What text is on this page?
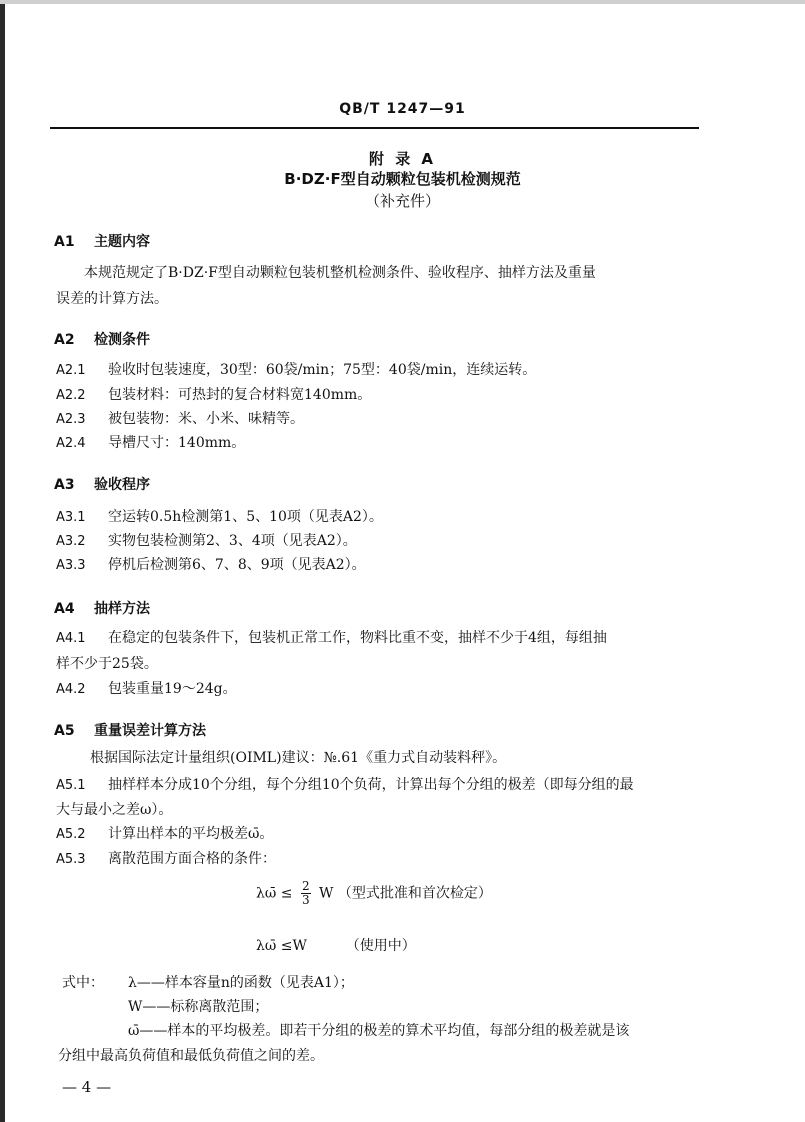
QB/T 1247—91
附 录 A
B·DZ·F型自动颗粒包装机检测规范
（补充件）
A1 主题内容
本规范规定了B·DZ·F型自动颗粒包装机整机检测条件、验收程序、抽样方法及重量
误差的计算方法。
A2 检测条件
A2.1 验收时包装速度，30型：60袋/min；75型：40袋/min，连续运转。
A2.2 包装材料：可热封的复合材料宽140mm。
A2.3 被包装物：米、小米、味精等。
A2.4 导槽尺寸：140mm。
A3 验收程序
A3.1 空运转0.5h检测第1、5、10项（见表A2）。
A3.2 实物包装检测第2、3、4项（见表A2）。
A3.3 停机后检测第6、7、8、9项（见表A2）。
A4 抽样方法
A4.1 在稳定的包装条件下，包装机正常工作，物料比重不变，抽样不少于4组，每组抽
样不少于25袋。
A4.2 包装重量19～24g。
A5 重量误差计算方法
根据国际法定计量组织(OIML)建议：№.61《重力式自动装料秤》。
A5.1 抽样样本分成10个分组，每个分组10个负荷，计算出每个分组的极差（即每分组的最
大与最小之差ω）。
A5.2 计算出样本的平均极差ω̄。
A5.3 离散范围方面合格的条件：
λω̄ ≤ $\frac{2}{3}$ W （型式批准和首次检定）
λω̄ ≤W	（使用中）
式中： λ——样本容量n的函数（见表A1）；
W——标称离散范围；
ω̄——样本的平均极差。即若干分组的极差的算术平均值，每部分组的极差就是该
分组中最高负荷值和最低负荷值之间的差。
— 4 —
